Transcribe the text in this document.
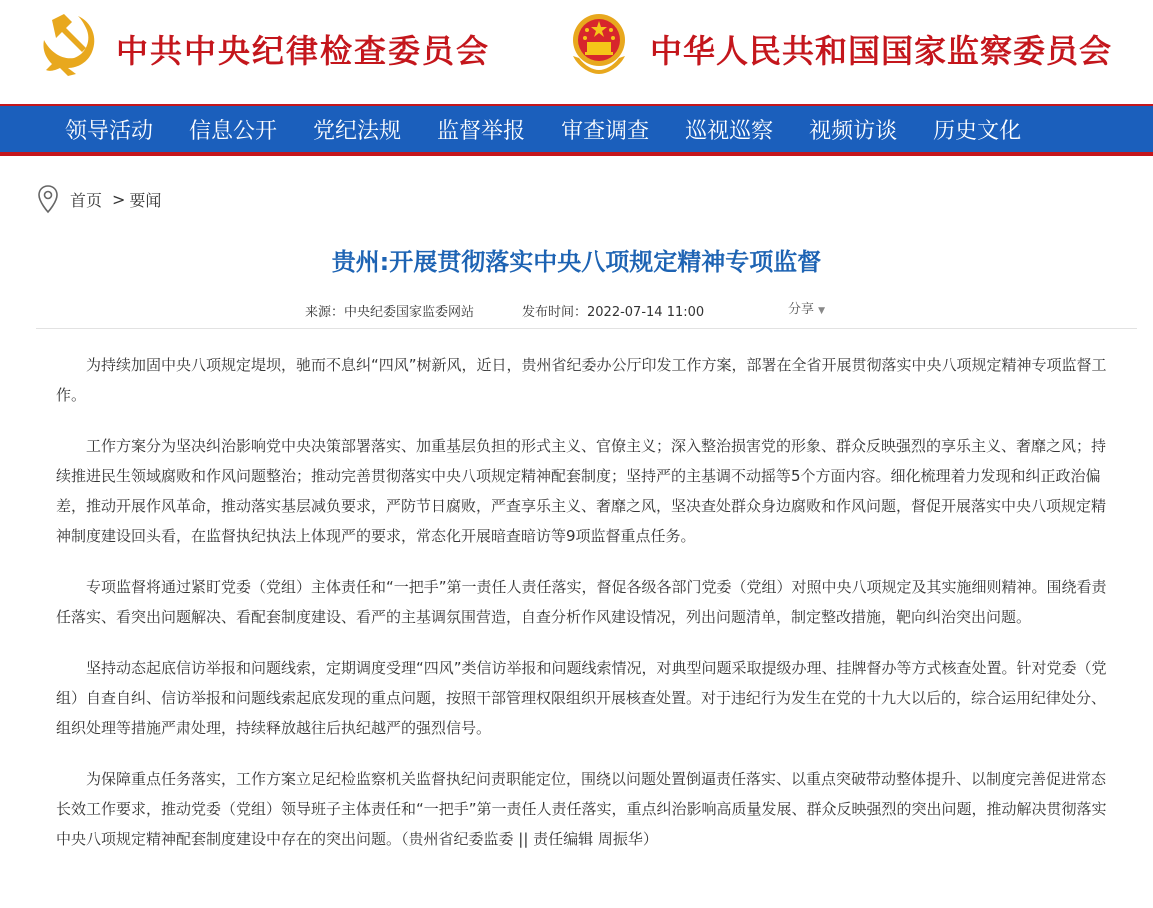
中共中央纪律检查委员会	中华人民共和国国家监察委员会
领导活动 信息公开 党纪法规 监督举报 审查调查 巡视巡察 视频访谈 历史文化
首页 > 要闻
贵州:开展贯彻落实中央八项规定精神专项监督
来源：中央纪委国家监委网站	发布时间：2022-07-14 11:00	分享 ▼

为持续加固中央八项规定堤坝，驰而不息纠“四风”树新风，近日，贵州省纪委办公厅印发工作方案，部署在全省开展贯彻落实中央八项规定精神专项监督工作。

工作方案分为坚决纠治影响党中央决策部署落实、加重基层负担的形式主义、官僚主义；深入整治损害党的形象、群众反映强烈的享乐主义、奢靡之风；持续推进民生领域腐败和作风问题整治；推动完善贯彻落实中央八项规定精神配套制度；坚持严的主基调不动摇等5个方面内容。细化梳理着力发现和纠正政治偏差，推动开展作风革命，推动落实基层减负要求，严防节日腐败，严查享乐主义、奢靡之风，坚决查处群众身边腐败和作风问题，督促开展落实中央八项规定精神制度建设回头看，在监督执纪执法上体现严的要求，常态化开展暗查暗访等9项监督重点任务。

专项监督将通过紧盯党委（党组）主体责任和“一把手”第一责任人责任落实，督促各级各部门党委（党组）对照中央八项规定及其实施细则精神。围绕看责任落实、看突出问题解决、看配套制度建设、看严的主基调氛围营造，自查分析作风建设情况，列出问题清单，制定整改措施，靶向纠治突出问题。

坚持动态起底信访举报和问题线索，定期调度受理“四风”类信访举报和问题线索情况，对典型问题采取提级办理、挂牌督办等方式核查处置。针对党委（党组）自查自纠、信访举报和问题线索起底发现的重点问题，按照干部管理权限组织开展核查处置。对于违纪行为发生在党的十九大以后的，综合运用纪律处分、组织处理等措施严肃处理，持续释放越往后执纪越严的强烈信号。

为保障重点任务落实，工作方案立足纪检监察机关监督执纪问责职能定位，围绕以问题处置倒逼责任落实、以重点突破带动整体提升、以制度完善促进常态长效工作要求，推动党委（党组）领导班子主体责任和“一把手”第一责任人责任落实，重点纠治影响高质量发展、群众反映强烈的突出问题，推动解决贯彻落实中央八项规定精神配套制度建设中存在的突出问题。（贵州省纪委监委 || 责任编辑 周振华）
